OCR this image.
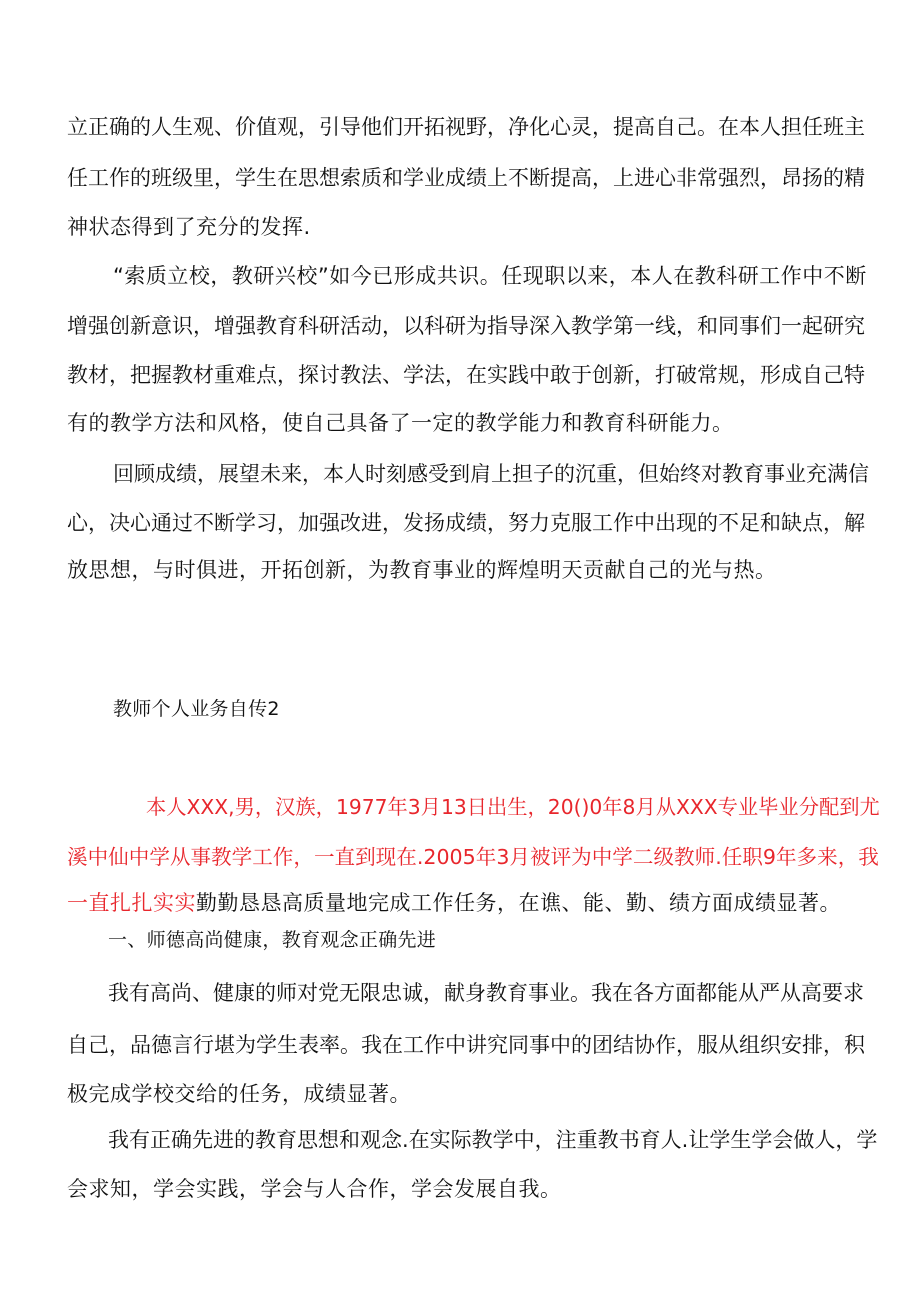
立正确的人生观、价值观，引导他们开拓视野，净化心灵，提高自己。在本人担任班主
任工作的班级里，学生在思想索质和学业成绩上不断提高，上进心非常强烈，昂扬的精
神状态得到了充分的发挥.
“索质立校，教研兴校”如今已形成共识。任现职以来，本人在教科研工作中不断
增强创新意识，增强教育科研活动，以科研为指导深入教学第一线，和同事们一起研究
教材，把握教材重难点，探讨教法、学法，在实践中敢于创新，打破常规，形成自己特
有的教学方法和风格，使自己具备了一定的教学能力和教育科研能力。
回顾成绩，展望未来，本人时刻感受到肩上担子的沉重，但始终对教育事业充满信
心，决心通过不断学习，加强改进，发扬成绩，努力克服工作中出现的不足和缺点，解
放思想，与时俱进，开拓创新，为教育事业的辉煌明天贡献自己的光与热。
教师个人业务自传2
本人XXX,男，汉族，1977年3月13日出生，20()0年8月从XXX专业毕业分配到尤
溪中仙中学从事教学工作，一直到现在.2005年3月被评为中学二级教师.任职9年多来，我
一直扎扎实实勤勤恳恳高质量地完成工作任务，在谯、能、勤、绩方面成绩显著。
一、师德高尚健康，教育观念正确先进
我有高尚、健康的师对党无限忠诚，献身教育事业。我在各方面都能从严从高要求
自己，品德言行堪为学生表率。我在工作中讲究同事中的团结协作，服从组织安排，积
极完成学校交给的任务，成绩显著。
我有正确先进的教育思想和观念.在实际教学中，注重教书育人.让学生学会做人，学
会求知，学会实践，学会与人合作，学会发展自我。
